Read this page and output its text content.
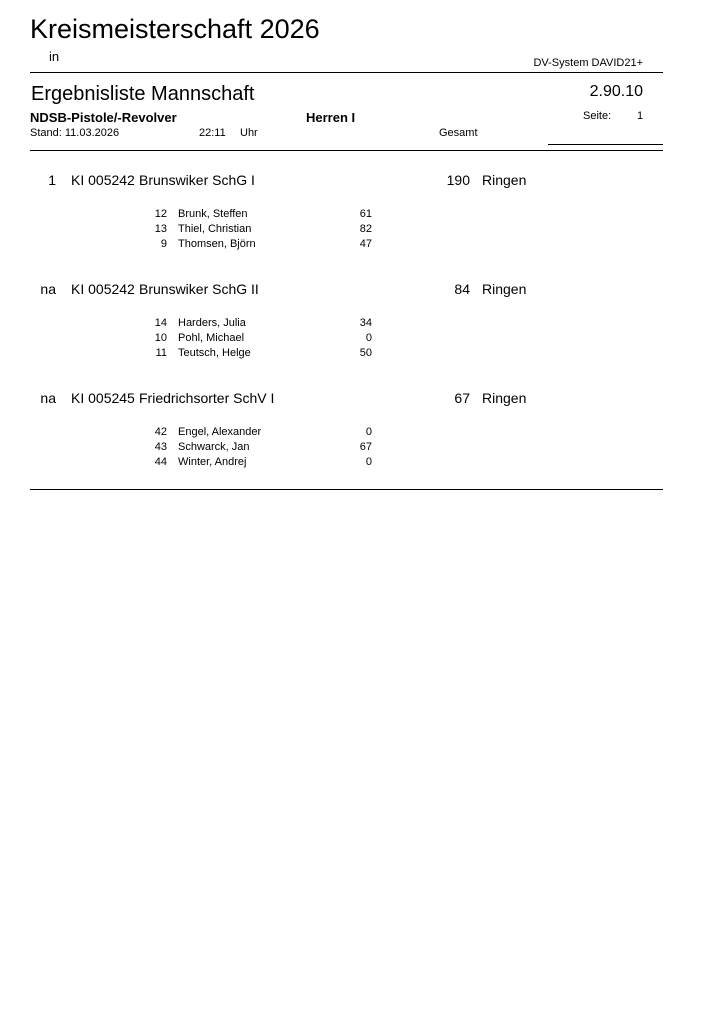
Kreismeisterschaft 2026
in	DV-System DAVID21+
Ergebnisliste Mannschaft	2.90.10
NDSB-Pistole/-Revolver	Herren I	Seite: 1
Stand: 11.03.2026	22:11 Uhr	Gesamt
1 KI 005242 Brunswiker SchG I	190 Ringen
12 Brunk, Steffen	61
13 Thiel, Christian	82
9 Thomsen, Björn	47
na KI 005242 Brunswiker SchG II	84 Ringen
14 Harders, Julia	34
10 Pohl, Michael	0
11 Teutsch, Helge	50
na KI 005245 Friedrichsorter SchV I	67 Ringen
42 Engel, Alexander	0
43 Schwarck, Jan	67
44 Winter, Andrej	0
